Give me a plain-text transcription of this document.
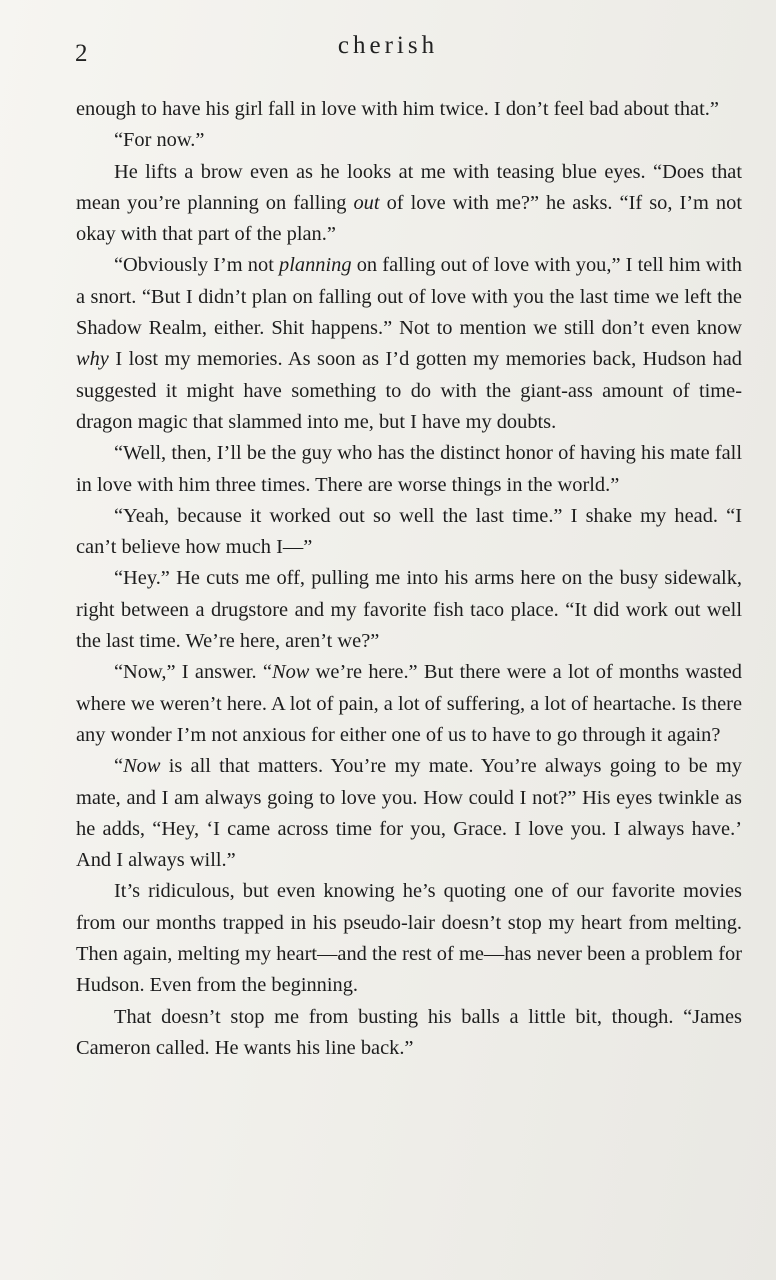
2	cherish

enough to have his girl fall in love with him twice. I don’t feel bad about that.”

“For now.”

He lifts a brow even as he looks at me with teasing blue eyes. “Does that mean you’re planning on falling out of love with me?” he asks. “If so, I’m not okay with that part of the plan.”

“Obviously I’m not planning on falling out of love with you,” I tell him with a snort. “But I didn’t plan on falling out of love with you the last time we left the Shadow Realm, either. Shit happens.” Not to mention we still don’t even know why I lost my memories. As soon as I’d gotten my memories back, Hudson had suggested it might have something to do with the giant-ass amount of time-dragon magic that slammed into me, but I have my doubts.

“Well, then, I’ll be the guy who has the distinct honor of having his mate fall in love with him three times. There are worse things in the world.”

“Yeah, because it worked out so well the last time.” I shake my head. “I can’t believe how much I—”

“Hey.” He cuts me off, pulling me into his arms here on the busy sidewalk, right between a drugstore and my favorite fish taco place. “It did work out well the last time. We’re here, aren’t we?”

“Now,” I answer. “Now we’re here.” But there were a lot of months wasted where we weren’t here. A lot of pain, a lot of suffering, a lot of heartache. Is there any wonder I’m not anxious for either one of us to have to go through it again?

“Now is all that matters. You’re my mate. You’re always going to be my mate, and I am always going to love you. How could I not?” His eyes twinkle as he adds, “Hey, ‘I came across time for you, Grace. I love you. I always have.’ And I always will.”

It’s ridiculous, but even knowing he’s quoting one of our favorite movies from our months trapped in his pseudo-lair doesn’t stop my heart from melting. Then again, melting my heart—and the rest of me—has never been a problem for Hudson. Even from the beginning.

That doesn’t stop me from busting his balls a little bit, though. “James Cameron called. He wants his line back.”
